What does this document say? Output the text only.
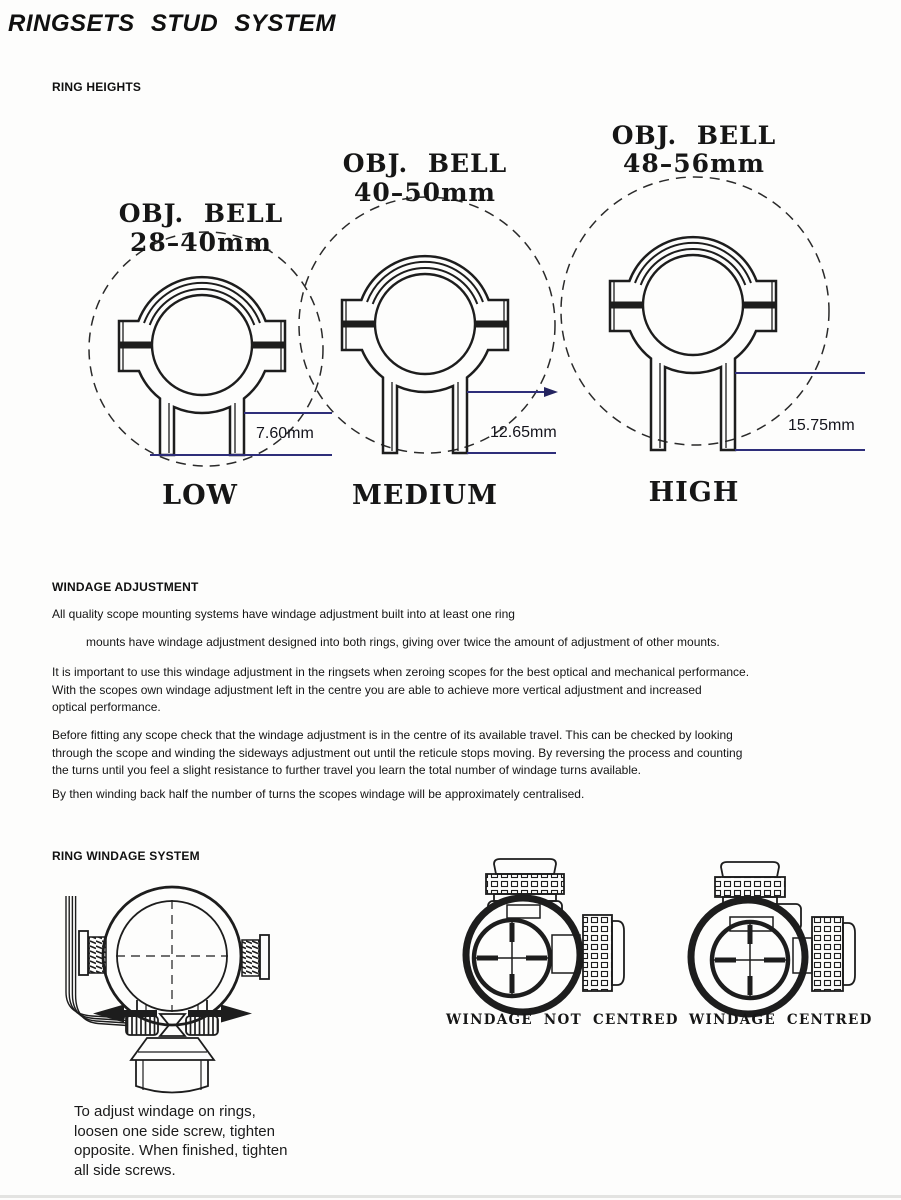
RINGSETS STUD SYSTEM
RING HEIGHTS
7.60mm	12.65mm	15.75mm
OBJ. BELL
28–40mm
OBJ. BELL
40–50mm
OBJ. BELL
48–56mm
LOW	MEDIUM	HIGH
WINDAGE ADJUSTMENT
All quality scope mounting systems have windage adjustment built into at least one ring
mounts have windage adjustment designed into both rings, giving over twice the amount of adjustment of other mounts.
It is important to use this windage adjustment in the ringsets when zeroing scopes for the best optical and mechanical performance.
With the scopes own windage adjustment left in the centre you are able to achieve more vertical adjustment and increased
optical performance.
Before fitting any scope check that the windage adjustment is in the centre of its available travel. This can be checked by looking
through the scope and winding the sideways adjustment out until the reticule stops moving. By reversing the process and counting
the turns until you feel a slight resistance to further travel you learn the total number of windage turns available.
By then winding back half the number of turns the scopes windage will be approximately centralised.
RING WINDAGE SYSTEM
To adjust windage on rings,
loosen one side screw, tighten
opposite. When finished, tighten
all side screws.
WINDAGE NOT CENTRED WINDAGE CENTRED
